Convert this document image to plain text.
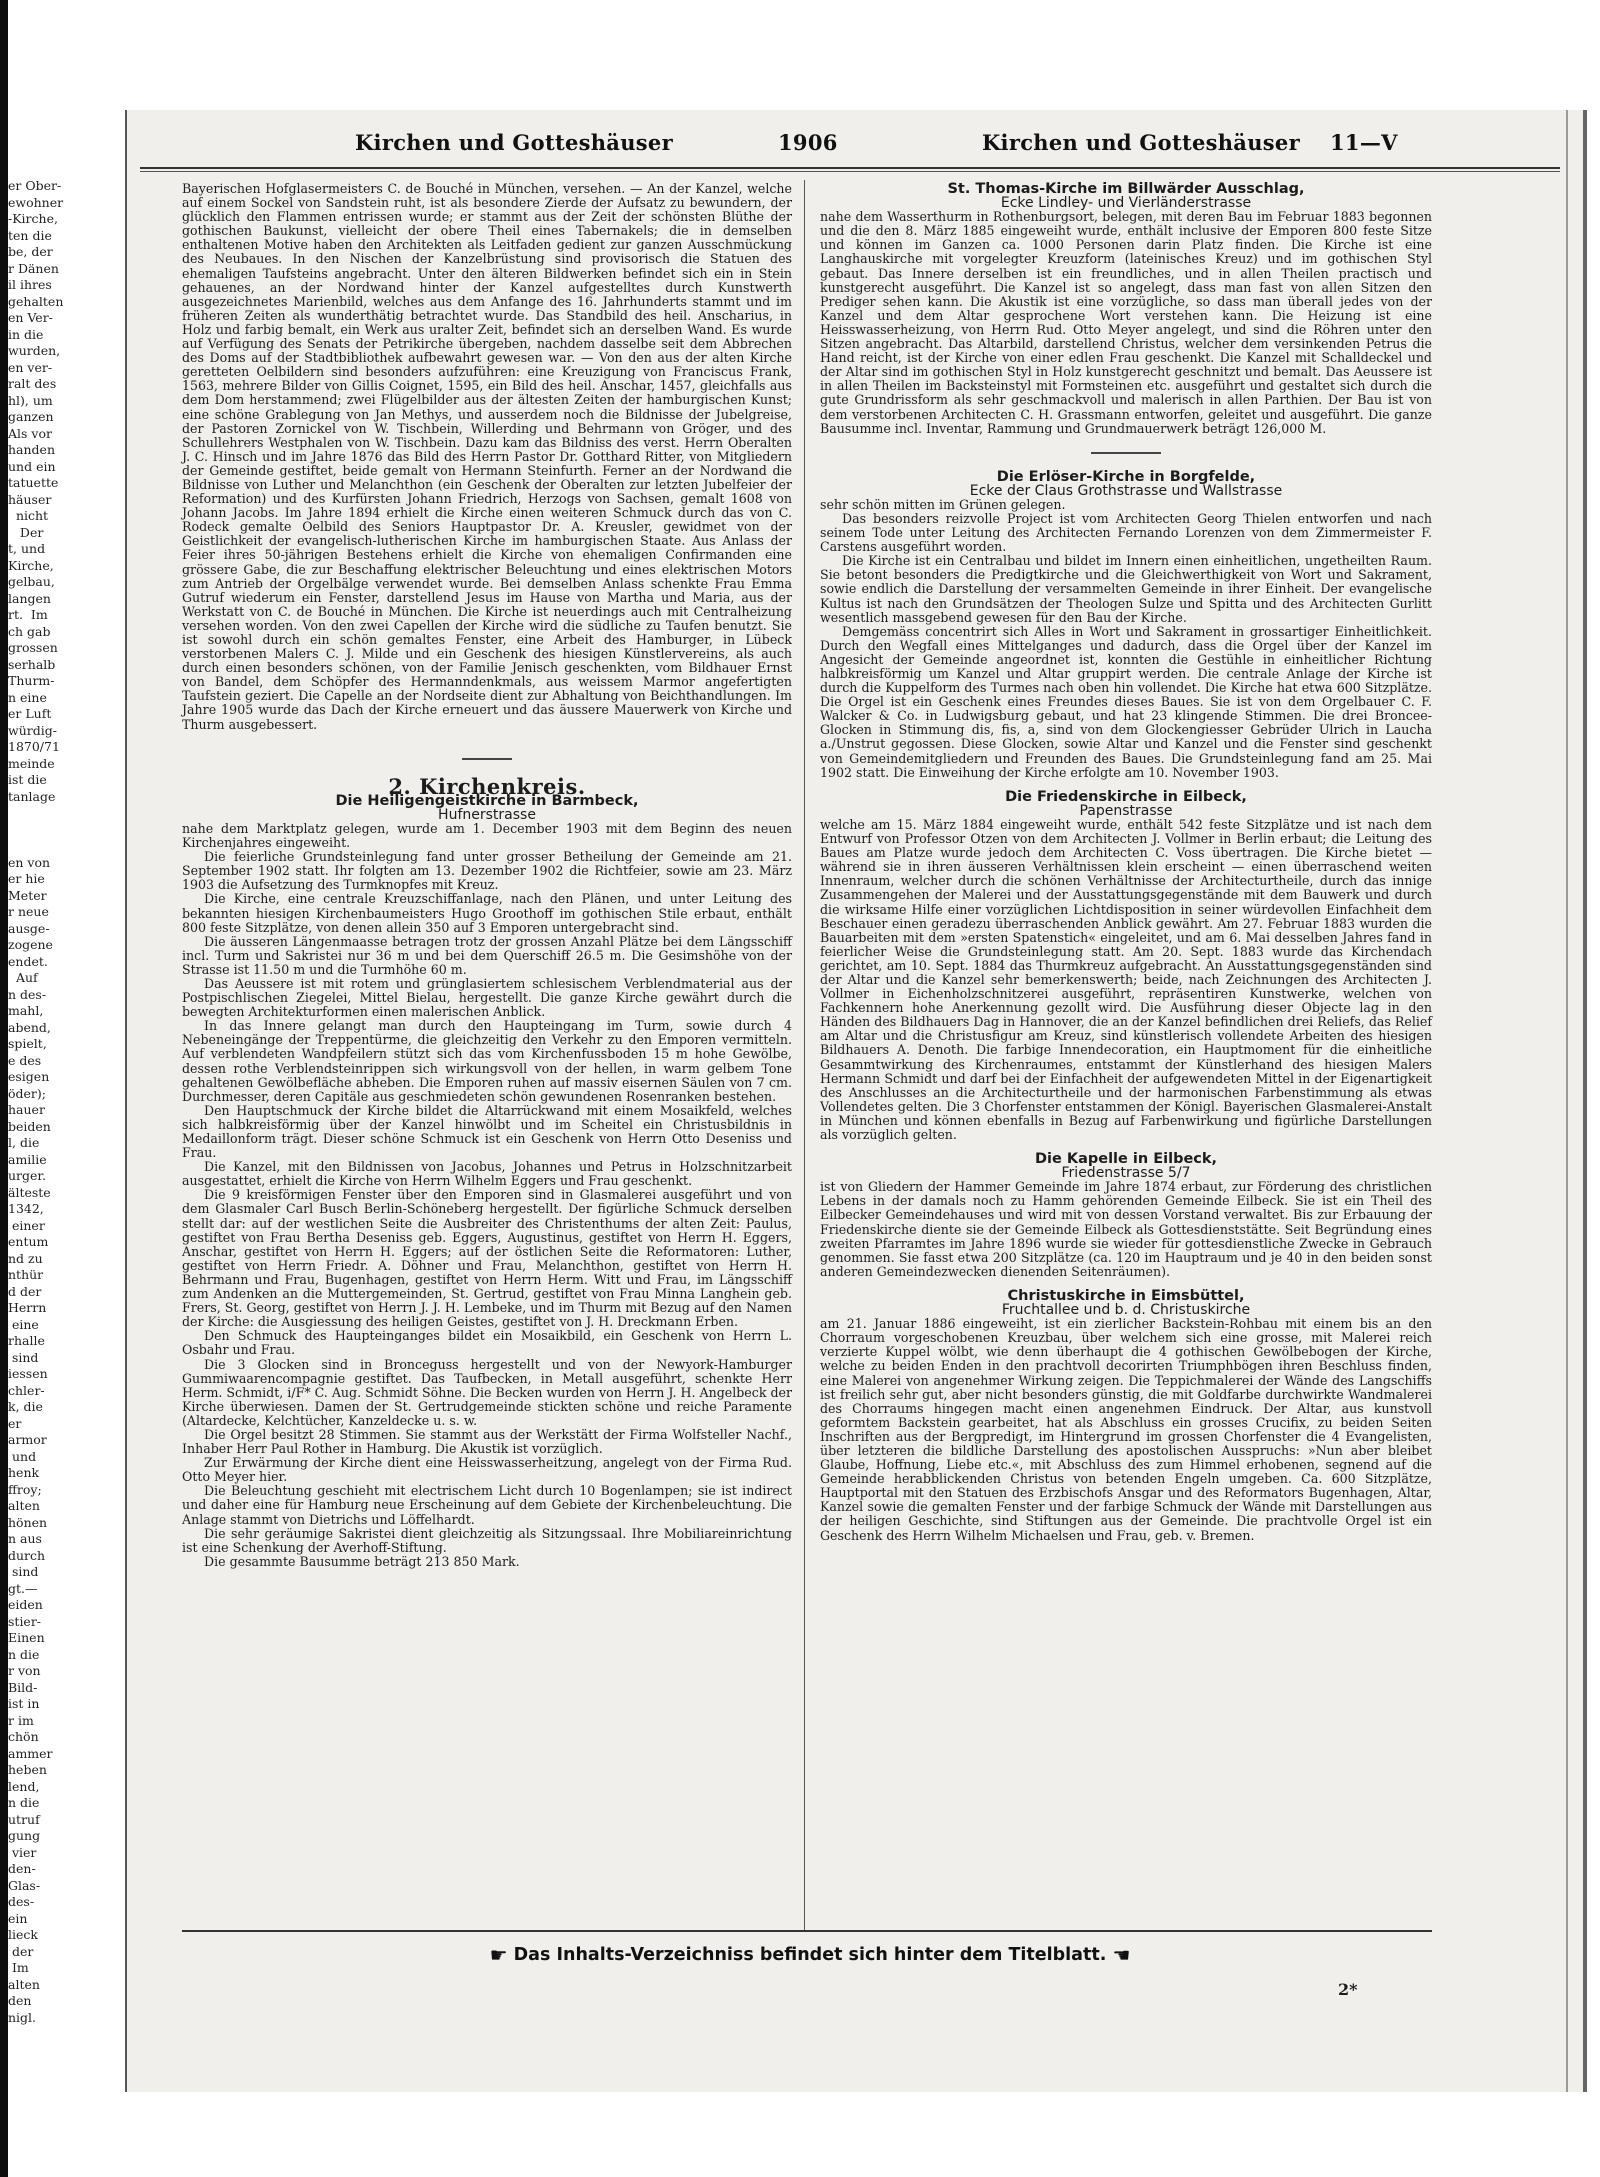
er Ober-
ewohner
-Kirche,
ten die
be, der
r Dänen
il ihres
gehalten
en Ver-
in die
wurden,
en ver-
ralt des
hl), um
ganzen
Als vor
handen
und ein
tatuette
häuser
nicht
Der
t, und
Kirche,
gelbau,
langen
rt.  Im
ch gab
grossen
serhalb
Thurm-
n eine
er Luft
würdig-
1870/71
meinde
ist die
tanlage

en von
er hie
Meter
r neue
ausge-
zogene
endet.
Auf
n des-
mahl,
abend,
spielt,
e des
esigen
öder);
hauer
beiden
l, die
amilie
urger.
älteste
1342,
einer
entum
nd zu
nthür
d der
Herrn
eine
rhalle
sind
iessen
chler-
k, die
er
armor
und
henk
ffroy;
alten
hönen
n aus
durch
sind
gt.—
eiden
stier-
Einen
n die
r von
Bild-
ist in
r im
chön
ammer
heben
lend,
n die
utruf
gung
vier
den-
Glas-
des-
ein
lieck
der
Im
alten
den
nigl.
Kirchen und Gotteshäuser	1906	Kirchen und Gotteshäuser 11—V

Bayerischen Hofglasermeisters C. de Bouché in München, versehen. — An der Kanzel, welche auf einem Sockel von Sandstein ruht, ist als besondere Zierde der Aufsatz zu bewundern, der glücklich den Flammen entrissen wurde; er stammt aus der Zeit der schönsten Blüthe der gothischen Baukunst, vielleicht der obere Theil eines Tabernakels; die in demselben enthaltenen Motive haben den Architekten als Leitfaden gedient zur ganzen Ausschmückung des Neubaues. In den Nischen der Kanzelbrüstung sind provisorisch die Statuen des ehemaligen Taufsteins angebracht. Unter den älteren Bildwerken befindet sich ein in Stein gehauenes, an der Nordwand hinter der Kanzel aufgestelltes durch Kunstwerth ausgezeichnetes Marienbild, welches aus dem Anfange des 16. Jahrhunderts stammt und im früheren Zeiten als wunderthätig betrachtet wurde. Das Standbild des heil. Anscharius, in Holz und farbig bemalt, ein Werk aus uralter Zeit, befindet sich an derselben Wand. Es wurde auf Verfügung des Senats der Petrikirche übergeben, nachdem dasselbe seit dem Abbrechen des Doms auf der Stadtbibliothek aufbewahrt gewesen war. — Von den aus der alten Kirche geretteten Oelbildern sind besonders aufzuführen: eine Kreuzigung von Franciscus Frank, 1563, mehrere Bilder von Gillis Coignet, 1595, ein Bild des heil. Anschar, 1457, gleichfalls aus dem Dom herstammend; zwei Flügelbilder aus der ältesten Zeiten der hamburgischen Kunst; eine schöne Grablegung von Jan Methys, und ausserdem noch die Bildnisse der Jubelgreise, der Pastoren Zornickel von W. Tischbein, Willerding und Behrmann von Gröger, und des Schullehrers Westphalen von W. Tischbein. Dazu kam das Bildniss des verst. Herrn Oberalten J. C. Hinsch und im Jahre 1876 das Bild des Herrn Pastor Dr. Gotthard Ritter, von Mitgliedern der Gemeinde gestiftet, beide gemalt von Hermann Steinfurth. Ferner an der Nordwand die Bildnisse von Luther und Melanchthon (ein Geschenk der Oberalten zur letzten Jubelfeier der Reformation) und des Kurfürsten Johann Friedrich, Herzogs von Sachsen, gemalt 1608 von Johann Jacobs. Im Jahre 1894 erhielt die Kirche einen weiteren Schmuck durch das von C. Rodeck gemalte Oelbild des Seniors Hauptpastor Dr. A. Kreusler, gewidmet von der Geistlichkeit der evangelisch-lutherischen Kirche im hamburgischen Staate. Aus Anlass der Feier ihres 50-jährigen Bestehens erhielt die Kirche von ehemaligen Confirmanden eine grössere Gabe, die zur Beschaffung elektrischer Beleuchtung und eines elektrischen Motors zum Antrieb der Orgelbälge verwendet wurde. Bei demselben Anlass schenkte Frau Emma Gutruf wiederum ein Fenster, darstellend Jesus im Hause von Martha und Maria, aus der Werkstatt von C. de Bouché in München. Die Kirche ist neuerdings auch mit Centralheizung versehen worden. Von den zwei Capellen der Kirche wird die südliche zu Taufen benutzt. Sie ist sowohl durch ein schön gemaltes Fenster, eine Arbeit des Hamburger, in Lübeck verstorbenen Malers C. J. Milde und ein Geschenk des hiesigen Künstlervereins, als auch durch einen besonders schönen, von der Familie Jenisch geschenkten, vom Bildhauer Ernst von Bandel, dem Schöpfer des Hermanndenkmals, aus weissem Marmor angefertigten Taufstein geziert. Die Capelle an der Nordseite dient zur Abhaltung von Beichthandlungen. Im Jahre 1905 wurde das Dach der Kirche erneuert und das äussere Mauerwerk von Kirche und Thurm ausgebessert.

2. Kirchenkreis.

Die Heiligengeistkirche in Barmbeck,

Hufnerstrasse

nahe dem Marktplatz gelegen, wurde am 1. December 1903 mit dem Beginn des neuen Kirchenjahres eingeweiht.

Die feierliche Grundsteinlegung fand unter grosser Betheilung der Gemeinde am 21. September 1902 statt. Ihr folgten am 13. Dezember 1902 die Richtfeier, sowie am 23. März 1903 die Aufsetzung des Turmknopfes mit Kreuz.

Die Kirche, eine centrale Kreuzschiffanlage, nach den Plänen, und unter Leitung des bekannten hiesigen Kirchenbaumeisters Hugo Groothoff im gothischen Stile erbaut, enthält 800 feste Sitzplätze, von denen allein 350 auf 3 Emporen untergebracht sind.

Die äusseren Längenmaasse betragen trotz der grossen Anzahl Plätze bei dem Längsschiff incl. Turm und Sakristei nur 36 m und bei dem Querschiff 26.5 m. Die Gesimshöhe von der Strasse ist 11.50 m und die Turmhöhe 60 m.

Das Aeussere ist mit rotem und grünglasiertem schlesischem Verblendmaterial aus der Postpischlischen Ziegelei, Mittel Bielau, hergestellt. Die ganze Kirche gewährt durch die bewegten Architekturformen einen malerischen Anblick.

In das Innere gelangt man durch den Haupteingang im Turm, sowie durch 4 Nebeneingänge der Treppentürme, die gleichzeitig den Verkehr zu den Emporen vermitteln. Auf verblendeten Wandpfeilern stützt sich das vom Kirchenfussboden 15 m hohe Gewölbe, dessen rothe Verblendsteinrippen sich wirkungsvoll von der hellen, in warm gelbem Tone gehaltenen Gewölbefläche abheben. Die Emporen ruhen auf massiv eisernen Säulen von 7 cm. Durchmesser, deren Capitäle aus geschmiedeten schön gewundenen Rosenranken bestehen.

Den Hauptschmuck der Kirche bildet die Altarrückwand mit einem Mosaikfeld, welches sich halbkreisförmig über der Kanzel hinwölbt und im Scheitel ein Christusbildnis in Medaillonform trägt. Dieser schöne Schmuck ist ein Geschenk von Herrn Otto Deseniss und Frau.

Die Kanzel, mit den Bildnissen von Jacobus, Johannes und Petrus in Holzschnitzarbeit ausgestattet, erhielt die Kirche von Herrn Wilhelm Eggers und Frau geschenkt.

Die 9 kreisförmigen Fenster über den Emporen sind in Glasmalerei ausgeführt und von dem Glasmaler Carl Busch Berlin-Schöneberg hergestellt. Der figürliche Schmuck derselben stellt dar: auf der westlichen Seite die Ausbreiter des Christenthums der alten Zeit: Paulus, gestiftet von Frau Bertha Deseniss geb. Eggers, Augustinus, gestiftet von Herrn H. Eggers, Anschar, gestiftet von Herrn H. Eggers; auf der östlichen Seite die Reformatoren: Luther, gestiftet von Herrn Friedr. A. Döhner und Frau, Melanchthon, gestiftet von Herrn H. Behrmann und Frau, Bugenhagen, gestiftet von Herrn Herm. Witt und Frau, im Längsschiff zum Andenken an die Muttergemeinden, St. Gertrud, gestiftet von Frau Minna Langhein geb. Frers, St. Georg, gestiftet von Herrn J. J. H. Lembeke, und im Thurm mit Bezug auf den Namen der Kirche: die Ausgiessung des heiligen Geistes, gestiftet von J. H. Dreckmann Erben.

Den Schmuck des Haupteinganges bildet ein Mosaikbild, ein Geschenk von Herrn L. Osbahr und Frau.

Die 3 Glocken sind in Bronceguss hergestellt und von der Newyork-Hamburger Gummiwaarencompagnie gestiftet. Das Taufbecken, in Metall ausgeführt, schenkte Herr Herm. Schmidt, i/F* C. Aug. Schmidt Söhne. Die Becken wurden von Herrn J. H. Angelbeck der Kirche überwiesen. Damen der St. Gertrudgemeinde stickten schöne und reiche Paramente (Altardecke, Kelchtücher, Kanzeldecke u. s. w.

Die Orgel besitzt 28 Stimmen. Sie stammt aus der Werkstätt der Firma Wolfsteller Nachf., Inhaber Herr Paul Rother in Hamburg. Die Akustik ist vorzüglich.

Zur Erwärmung der Kirche dient eine Heisswasserheitzung, angelegt von der Firma Rud. Otto Meyer hier.

Die Beleuchtung geschieht mit electrischem Licht durch 10 Bogenlampen; sie ist indirect und daher eine für Hamburg neue Erscheinung auf dem Gebiete der Kirchenbeleuchtung. Die Anlage stammt von Dietrichs und Löffelhardt.

Die sehr geräumige Sakristei dient gleichzeitig als Sitzungssaal. Ihre Mobiliareinrichtung ist eine Schenkung der Averhoff-Stiftung.

Die gesammte Bausumme beträgt 213 850 Mark.

St. Thomas-Kirche im Billwärder Ausschlag,

Ecke Lindley- und Vierländerstrasse

nahe dem Wasserthurm in Rothenburgsort, belegen, mit deren Bau im Februar 1883 begonnen und die den 8. März 1885 eingeweiht wurde, enthält inclusive der Emporen 800 feste Sitze und können im Ganzen ca. 1000 Personen darin Platz finden. Die Kirche ist eine Langhauskirche mit vorgelegter Kreuzform (lateinisches Kreuz) und im gothischen Styl gebaut. Das Innere derselben ist ein freundliches, und in allen Theilen practisch und kunstgerecht ausgeführt. Die Kanzel ist so angelegt, dass man fast von allen Sitzen den Prediger sehen kann. Die Akustik ist eine vorzügliche, so dass man überall jedes von der Kanzel und dem Altar gesprochene Wort verstehen kann. Die Heizung ist eine Heisswasserheizung, von Herrn Rud. Otto Meyer angelegt, und sind die Röhren unter den Sitzen angebracht. Das Altarbild, darstellend Christus, welcher dem versinkenden Petrus die Hand reicht, ist der Kirche von einer edlen Frau geschenkt. Die Kanzel mit Schalldeckel und der Altar sind im gothischen Styl in Holz kunstgerecht geschnitzt und bemalt. Das Aeussere ist in allen Theilen im Backsteinstyl mit Formsteinen etc. ausgeführt und gestaltet sich durch die gute Grundrissform als sehr geschmackvoll und malerisch in allen Parthien. Der Bau ist von dem verstorbenen Architecten C. H. Grassmann entworfen, geleitet und ausgeführt. Die ganze Bausumme incl. Inventar, Rammung und Grundmauerwerk beträgt 126,000 M.

Die Erlöser-Kirche in Borgfelde,

Ecke der Claus Grothstrasse und Wallstrasse

sehr schön mitten im Grünen gelegen.

Das besonders reizvolle Project ist vom Architecten Georg Thielen entworfen und nach seinem Tode unter Leitung des Architecten Fernando Lorenzen von dem Zimmermeister F. Carstens ausgeführt worden.

Die Kirche ist ein Centralbau und bildet im Innern einen einheitlichen, ungetheilten Raum. Sie betont besonders die Predigtkirche und die Gleichwerthigkeit von Wort und Sakrament, sowie endlich die Darstellung der versammelten Gemeinde in ihrer Einheit. Der evangelische Kultus ist nach den Grundsätzen der Theologen Sulze und Spitta und des Architecten Gurlitt wesentlich massgebend gewesen für den Bau der Kirche.

Demgemäss concentrirt sich Alles in Wort und Sakrament in grossartiger Einheitlichkeit. Durch den Wegfall eines Mittelganges und dadurch, dass die Orgel über der Kanzel im Angesicht der Gemeinde angeordnet ist, konnten die Gestühle in einheitlicher Richtung halbkreisförmig um Kanzel und Altar gruppirt werden. Die centrale Anlage der Kirche ist durch die Kuppelform des Turmes nach oben hin vollendet. Die Kirche hat etwa 600 Sitzplätze. Die Orgel ist ein Geschenk eines Freundes dieses Baues. Sie ist von dem Orgelbauer C. F. Walcker & Co. in Ludwigsburg gebaut, und hat 23 klingende Stimmen. Die drei Broncee-Glocken in Stimmung dis, fis, a, sind von dem Glockengiesser Gebrüder Ulrich in Laucha a./Unstrut gegossen. Diese Glocken, sowie Altar und Kanzel und die Fenster sind geschenkt von Gemeindemitgliedern und Freunden des Baues. Die Grundsteinlegung fand am 25. Mai 1902 statt. Die Einweihung der Kirche erfolgte am 10. November 1903.

Die Friedenskirche in Eilbeck,

Papenstrasse

welche am 15. März 1884 eingeweiht wurde, enthält 542 feste Sitzplätze und ist nach dem Entwurf von Professor Otzen von dem Architecten J. Vollmer in Berlin erbaut; die Leitung des Baues am Platze wurde jedoch dem Architecten C. Voss übertragen. Die Kirche bietet — während sie in ihren äusseren Verhältnissen klein erscheint — einen überraschend weiten Innenraum, welcher durch die schönen Verhältnisse der Architecturtheile, durch das innige Zusammengehen der Malerei und der Ausstattungsgegenstände mit dem Bauwerk und durch die wirksame Hilfe einer vorzüglichen Lichtdisposition in seiner würdevollen Einfachheit dem Beschauer einen geradezu überraschenden Anblick gewährt. Am 27. Februar 1883 wurden die Bauarbeiten mit dem »ersten Spatenstich« eingeleitet, und am 6. Mai desselben Jahres fand in feierlicher Weise die Grundsteinlegung statt. Am 20. Sept. 1883 wurde das Kirchendach gerichtet, am 10. Sept. 1884 das Thurmkreuz aufgebracht. An Ausstattungsgegenständen sind der Altar und die Kanzel sehr bemerkenswerth; beide, nach Zeichnungen des Architecten J. Vollmer in Eichenholzschnitzerei ausgeführt, repräsentiren Kunstwerke, welchen von Fachkennern hohe Anerkennung gezollt wird. Die Ausführung dieser Objecte lag in den Händen des Bildhauers Dag in Hannover, die an der Kanzel befindlichen drei Reliefs, das Relief am Altar und die Christusfigur am Kreuz, sind künstlerisch vollendete Arbeiten des hiesigen Bildhauers A. Denoth. Die farbige Innendecoration, ein Hauptmoment für die einheitliche Gesammtwirkung des Kirchenraumes, entstammt der Künstlerhand des hiesigen Malers Hermann Schmidt und darf bei der Einfachheit der aufgewendeten Mittel in der Eigenartigkeit des Anschlusses an die Architecturtheile und der harmonischen Farbenstimmung als etwas Vollendetes gelten. Die 3 Chorfenster entstammen der Königl. Bayerischen Glasmalerei-Anstalt in München und können ebenfalls in Bezug auf Farbenwirkung und figürliche Darstellungen als vorzüglich gelten.

Die Kapelle in Eilbeck,

Friedenstrasse 5/7

ist von Gliedern der Hammer Gemeinde im Jahre 1874 erbaut, zur Förderung des christlichen Lebens in der damals noch zu Hamm gehörenden Gemeinde Eilbeck. Sie ist ein Theil des Eilbecker Gemeindehauses und wird mit von dessen Vorstand verwaltet. Bis zur Erbauung der Friedenskirche diente sie der Gemeinde Eilbeck als Gottesdienststätte. Seit Begründung eines zweiten Pfarramtes im Jahre 1896 wurde sie wieder für gottesdienstliche Zwecke in Gebrauch genommen. Sie fasst etwa 200 Sitzplätze (ca. 120 im Hauptraum und je 40 in den beiden sonst anderen Gemeindezwecken dienenden Seitenräumen).

Christuskirche in Eimsbüttel,

Fruchtallee und b. d. Christuskirche

am 21. Januar 1886 eingeweiht, ist ein zierlicher Backstein-Rohbau mit einem bis an den Chorraum vorgeschobenen Kreuzbau, über welchem sich eine grosse, mit Malerei reich verzierte Kuppel wölbt, wie denn überhaupt die 4 gothischen Gewölbebogen der Kirche, welche zu beiden Enden in den prachtvoll decorirten Triumphbögen ihren Beschluss finden, eine Malerei von angenehmer Wirkung zeigen. Die Teppichmalerei der Wände des Langschiffs ist freilich sehr gut, aber nicht besonders günstig, die mit Goldfarbe durchwirkte Wandmalerei des Chorraums hingegen macht einen angenehmen Eindruck. Der Altar, aus kunstvoll geformtem Backstein gearbeitet, hat als Abschluss ein grosses Crucifix, zu beiden Seiten Inschriften aus der Bergpredigt, im Hintergrund im grossen Chorfenster die 4 Evangelisten, über letzteren die bildliche Darstellung des apostolischen Ausspruchs: »Nun aber bleibet Glaube, Hoffnung, Liebe etc.«, mit Abschluss des zum Himmel erhobenen, segnend auf die Gemeinde herabblickenden Christus von betenden Engeln umgeben. Ca. 600 Sitzplätze, Hauptportal mit den Statuen des Erzbischofs Ansgar und des Reformators Bugenhagen, Altar, Kanzel sowie die gemalten Fenster und der farbige Schmuck der Wände mit Darstellungen aus der heiligen Geschichte, sind Stiftungen aus der Gemeinde. Die prachtvolle Orgel ist ein Geschenk des Herrn Wilhelm Michaelsen und Frau, geb. v. Bremen.

☛ Das Inhalts-Verzeichniss befindet sich hinter dem Titelblatt. ☚
2*
